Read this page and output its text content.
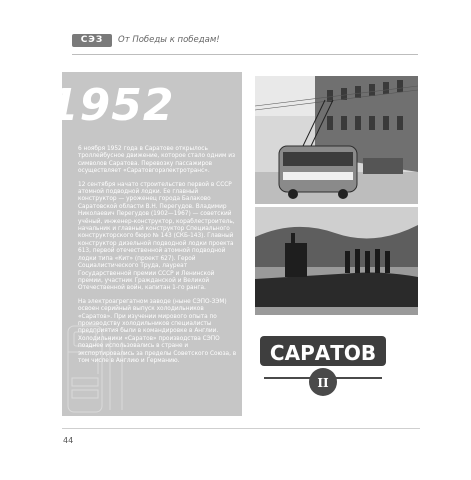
СЭЗ От Победы к победам!
1952

6 ноября 1952 года в Саратове открылось троллейбусное движение, которое стало одним из символов Саратова. Перевозку пассажиров осуществляет «Саратовгорэлектротранс».

12 сентября начато строительство первой в СССР атомной подводной лодки. Ее главный конструктор — уроженец города Балаково Саратовской области В.Н. Перегудов. Владимир Николаевич Перегудов (1902—1967) — советский учёный, инженер-конструктор, кораблестроитель, начальник и главный конструктор Специального конструкторского бюро № 143 (СКБ-143). Главный конструктор дизельной подводной лодки проекта 613, первой отечественной атомной подводной лодки типа «Кит» (проект 627). Герой Социалистического Труда, лауреат Государственной премии СССР и Ленинской премии, участник Гражданской и Великой Отечественной войн, капитан 1-го ранга.

На электроагрегатном заводе (ныне СЭПО-ЗЭМ) освоен серийный выпуск холодильников «Саратов». При изучении мирового опыта по производству холодильников специалисты предприятия были в командировке в Англии. Холодильники «Саратов» производства СЭПО позднее использовались в стране и экспортировались за пределы Советского Союза, в том числе в Англию и Германию.	САРАТОВ
II
44
